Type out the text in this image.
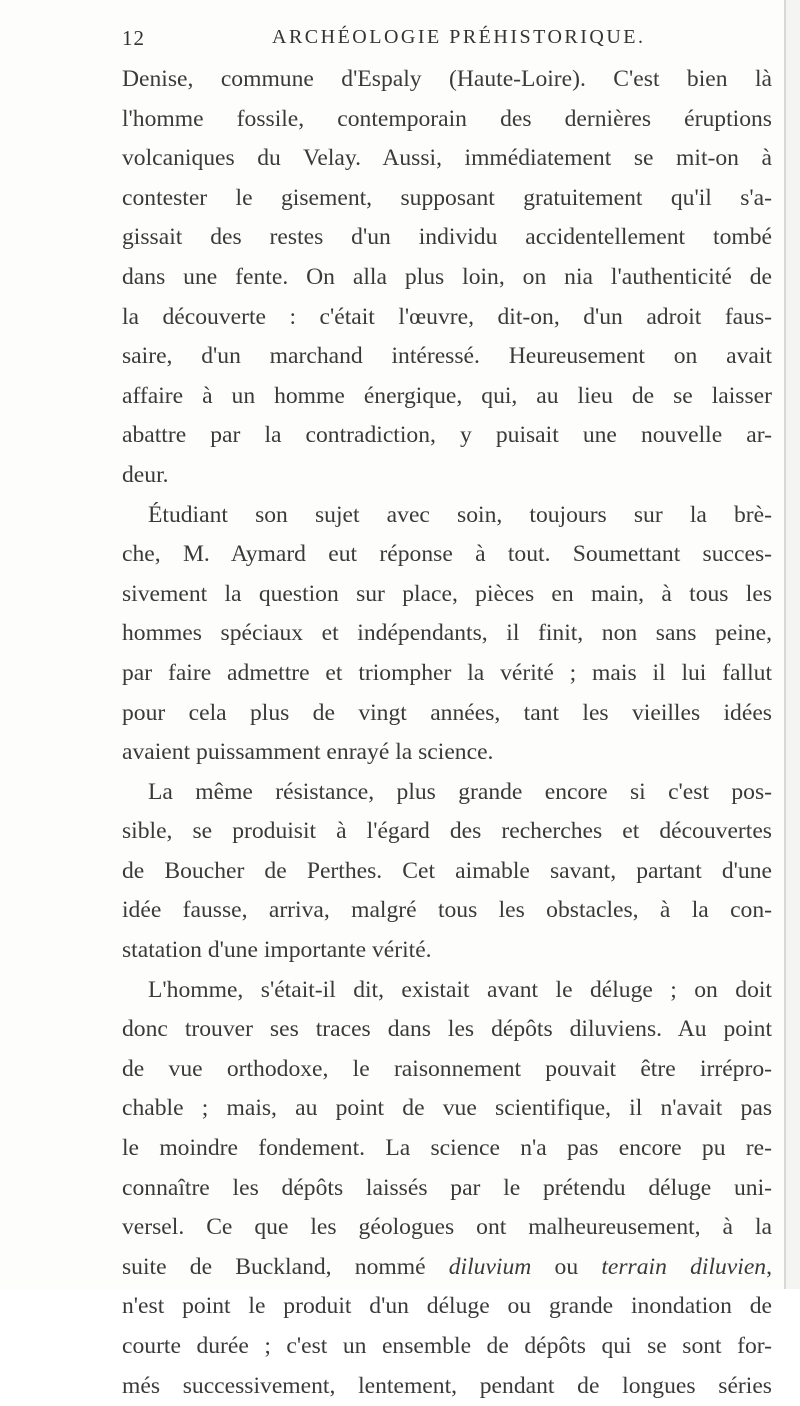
12	ARCHÉOLOGIE PRÉHISTORIQUE.
Denise, commune d'Espaly (Haute-Loire). C'est bien là
l'homme fossile, contemporain des dernières éruptions
volcaniques du Velay. Aussi, immédiatement se mit-on à
contester le gisement, supposant gratuitement qu'il s'a-
gissait des restes d'un individu accidentellement tombé
dans une fente. On alla plus loin, on nia l'authenticité de
la découverte : c'était l'œuvre, dit-on, d'un adroit faus-
saire, d'un marchand intéressé. Heureusement on avait
affaire à un homme énergique, qui, au lieu de se laisser
abattre par la contradiction, y puisait une nouvelle ar-
deur.
Étudiant son sujet avec soin, toujours sur la brè-
che, M. Aymard eut réponse à tout. Soumettant succes-
sivement la question sur place, pièces en main, à tous les
hommes spéciaux et indépendants, il finit, non sans peine,
par faire admettre et triompher la vérité ; mais il lui fallut
pour cela plus de vingt années, tant les vieilles idées
avaient puissamment enrayé la science.
La même résistance, plus grande encore si c'est pos-
sible, se produisit à l'égard des recherches et découvertes
de Boucher de Perthes. Cet aimable savant, partant d'une
idée fausse, arriva, malgré tous les obstacles, à la con-
statation d'une importante vérité.
L'homme, s'était-il dit, existait avant le déluge ; on doit
donc trouver ses traces dans les dépôts diluviens. Au point
de vue orthodoxe, le raisonnement pouvait être irrépro-
chable ; mais, au point de vue scientifique, il n'avait pas
le moindre fondement. La science n'a pas encore pu re-
connaître les dépôts laissés par le prétendu déluge uni-
versel. Ce que les géologues ont malheureusement, à la
suite de Buckland, nommé diluvium ou terrain diluvien,
n'est point le produit d'un déluge ou grande inondation de
courte durée ; c'est un ensemble de dépôts qui se sont for-
més successivement, lentement, pendant de longues séries
